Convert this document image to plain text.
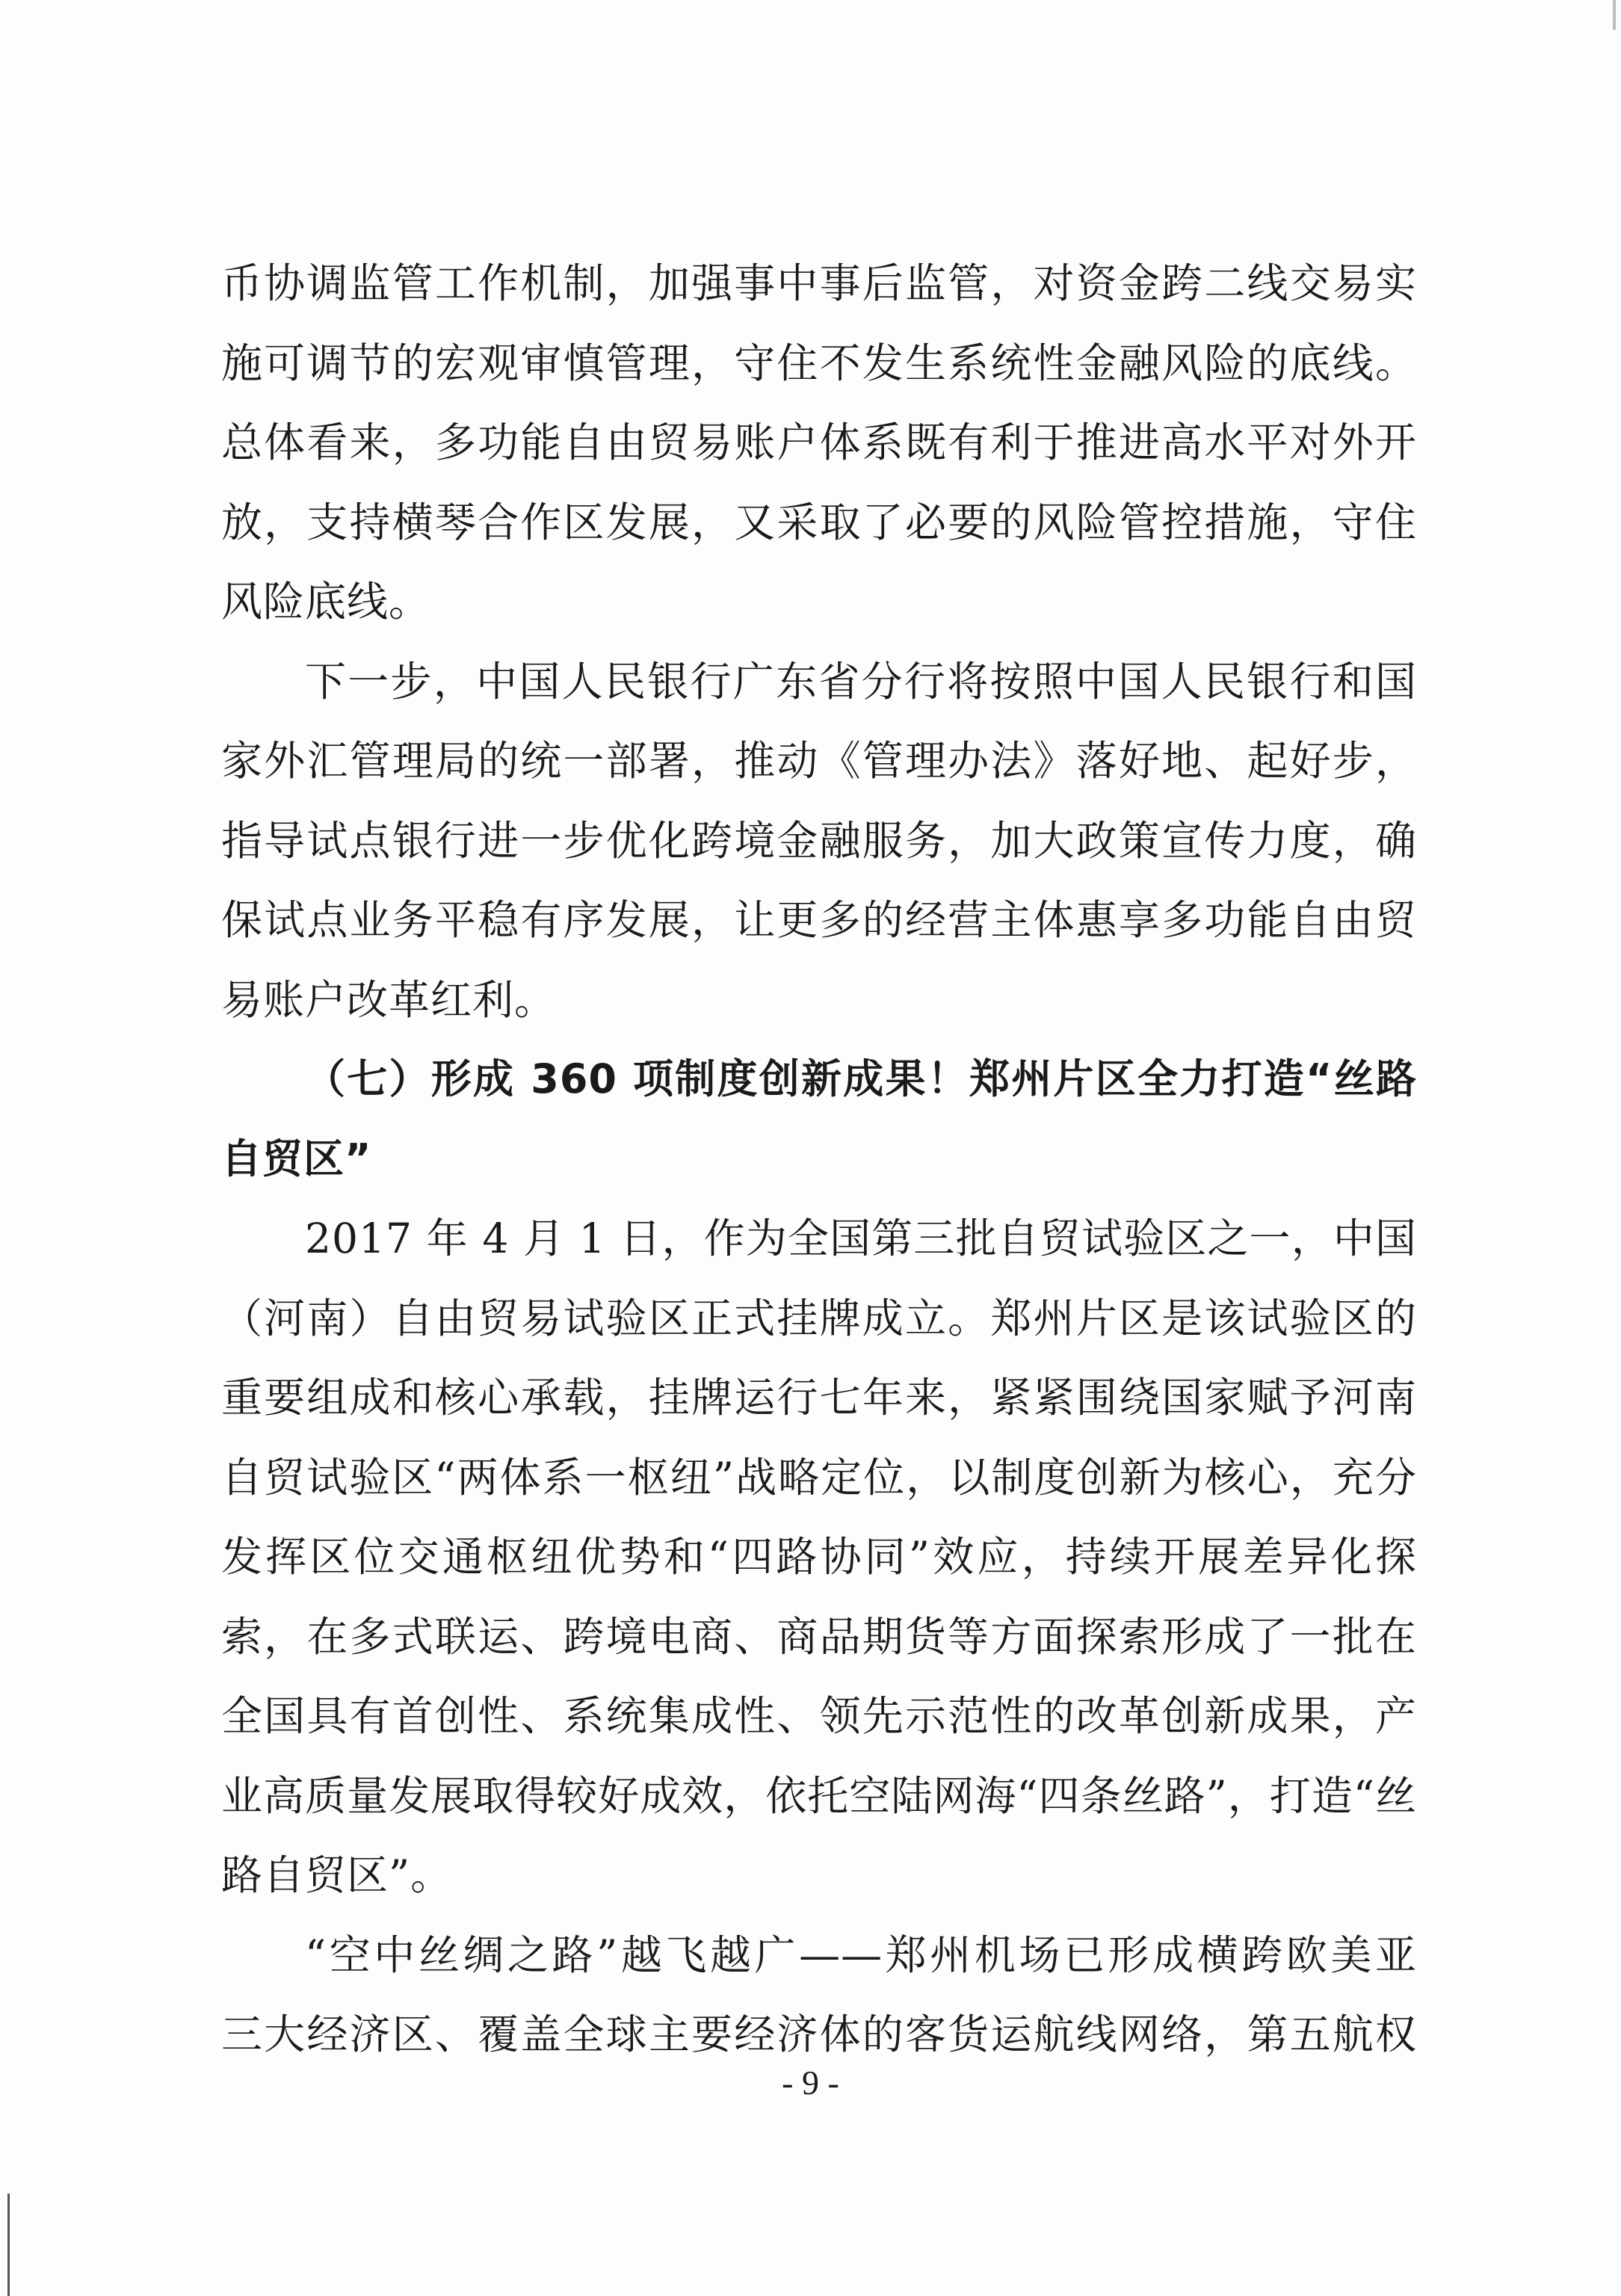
币协调监管工作机制，加强事中事后监管，对资金跨二线交易实
施可调节的宏观审慎管理，守住不发生系统性金融风险的底线。
总体看来，多功能自由贸易账户体系既有利于推进高水平对外开
放，支持横琴合作区发展，又采取了必要的风险管控措施，守住
风险底线。
下一步，中国人民银行广东省分行将按照中国人民银行和国
家外汇管理局的统一部署，推动《管理办法》落好地、起好步，
指导试点银行进一步优化跨境金融服务，加大政策宣传力度，确
保试点业务平稳有序发展，让更多的经营主体惠享多功能自由贸
易账户改革红利。
（七）形成 360 项制度创新成果！郑州片区全力打造“丝路
自贸区”
2017 年 4 月 1 日，作为全国第三批自贸试验区之一，中国
（河南）自由贸易试验区正式挂牌成立。郑州片区是该试验区的
重要组成和核心承载，挂牌运行七年来，紧紧围绕国家赋予河南
自贸试验区“两体系一枢纽”战略定位，以制度创新为核心，充分
发挥区位交通枢纽优势和“四路协同”效应，持续开展差异化探
索，在多式联运、跨境电商、商品期货等方面探索形成了一批在
全国具有首创性、系统集成性、领先示范性的改革创新成果，产
业高质量发展取得较好成效，依托空陆网海“四条丝路”，打造“丝
路自贸区”。
“空中丝绸之路”越飞越广——郑州机场已形成横跨欧美亚
三大经济区、覆盖全球主要经济体的客货运航线网络，第五航权
- 9 -
